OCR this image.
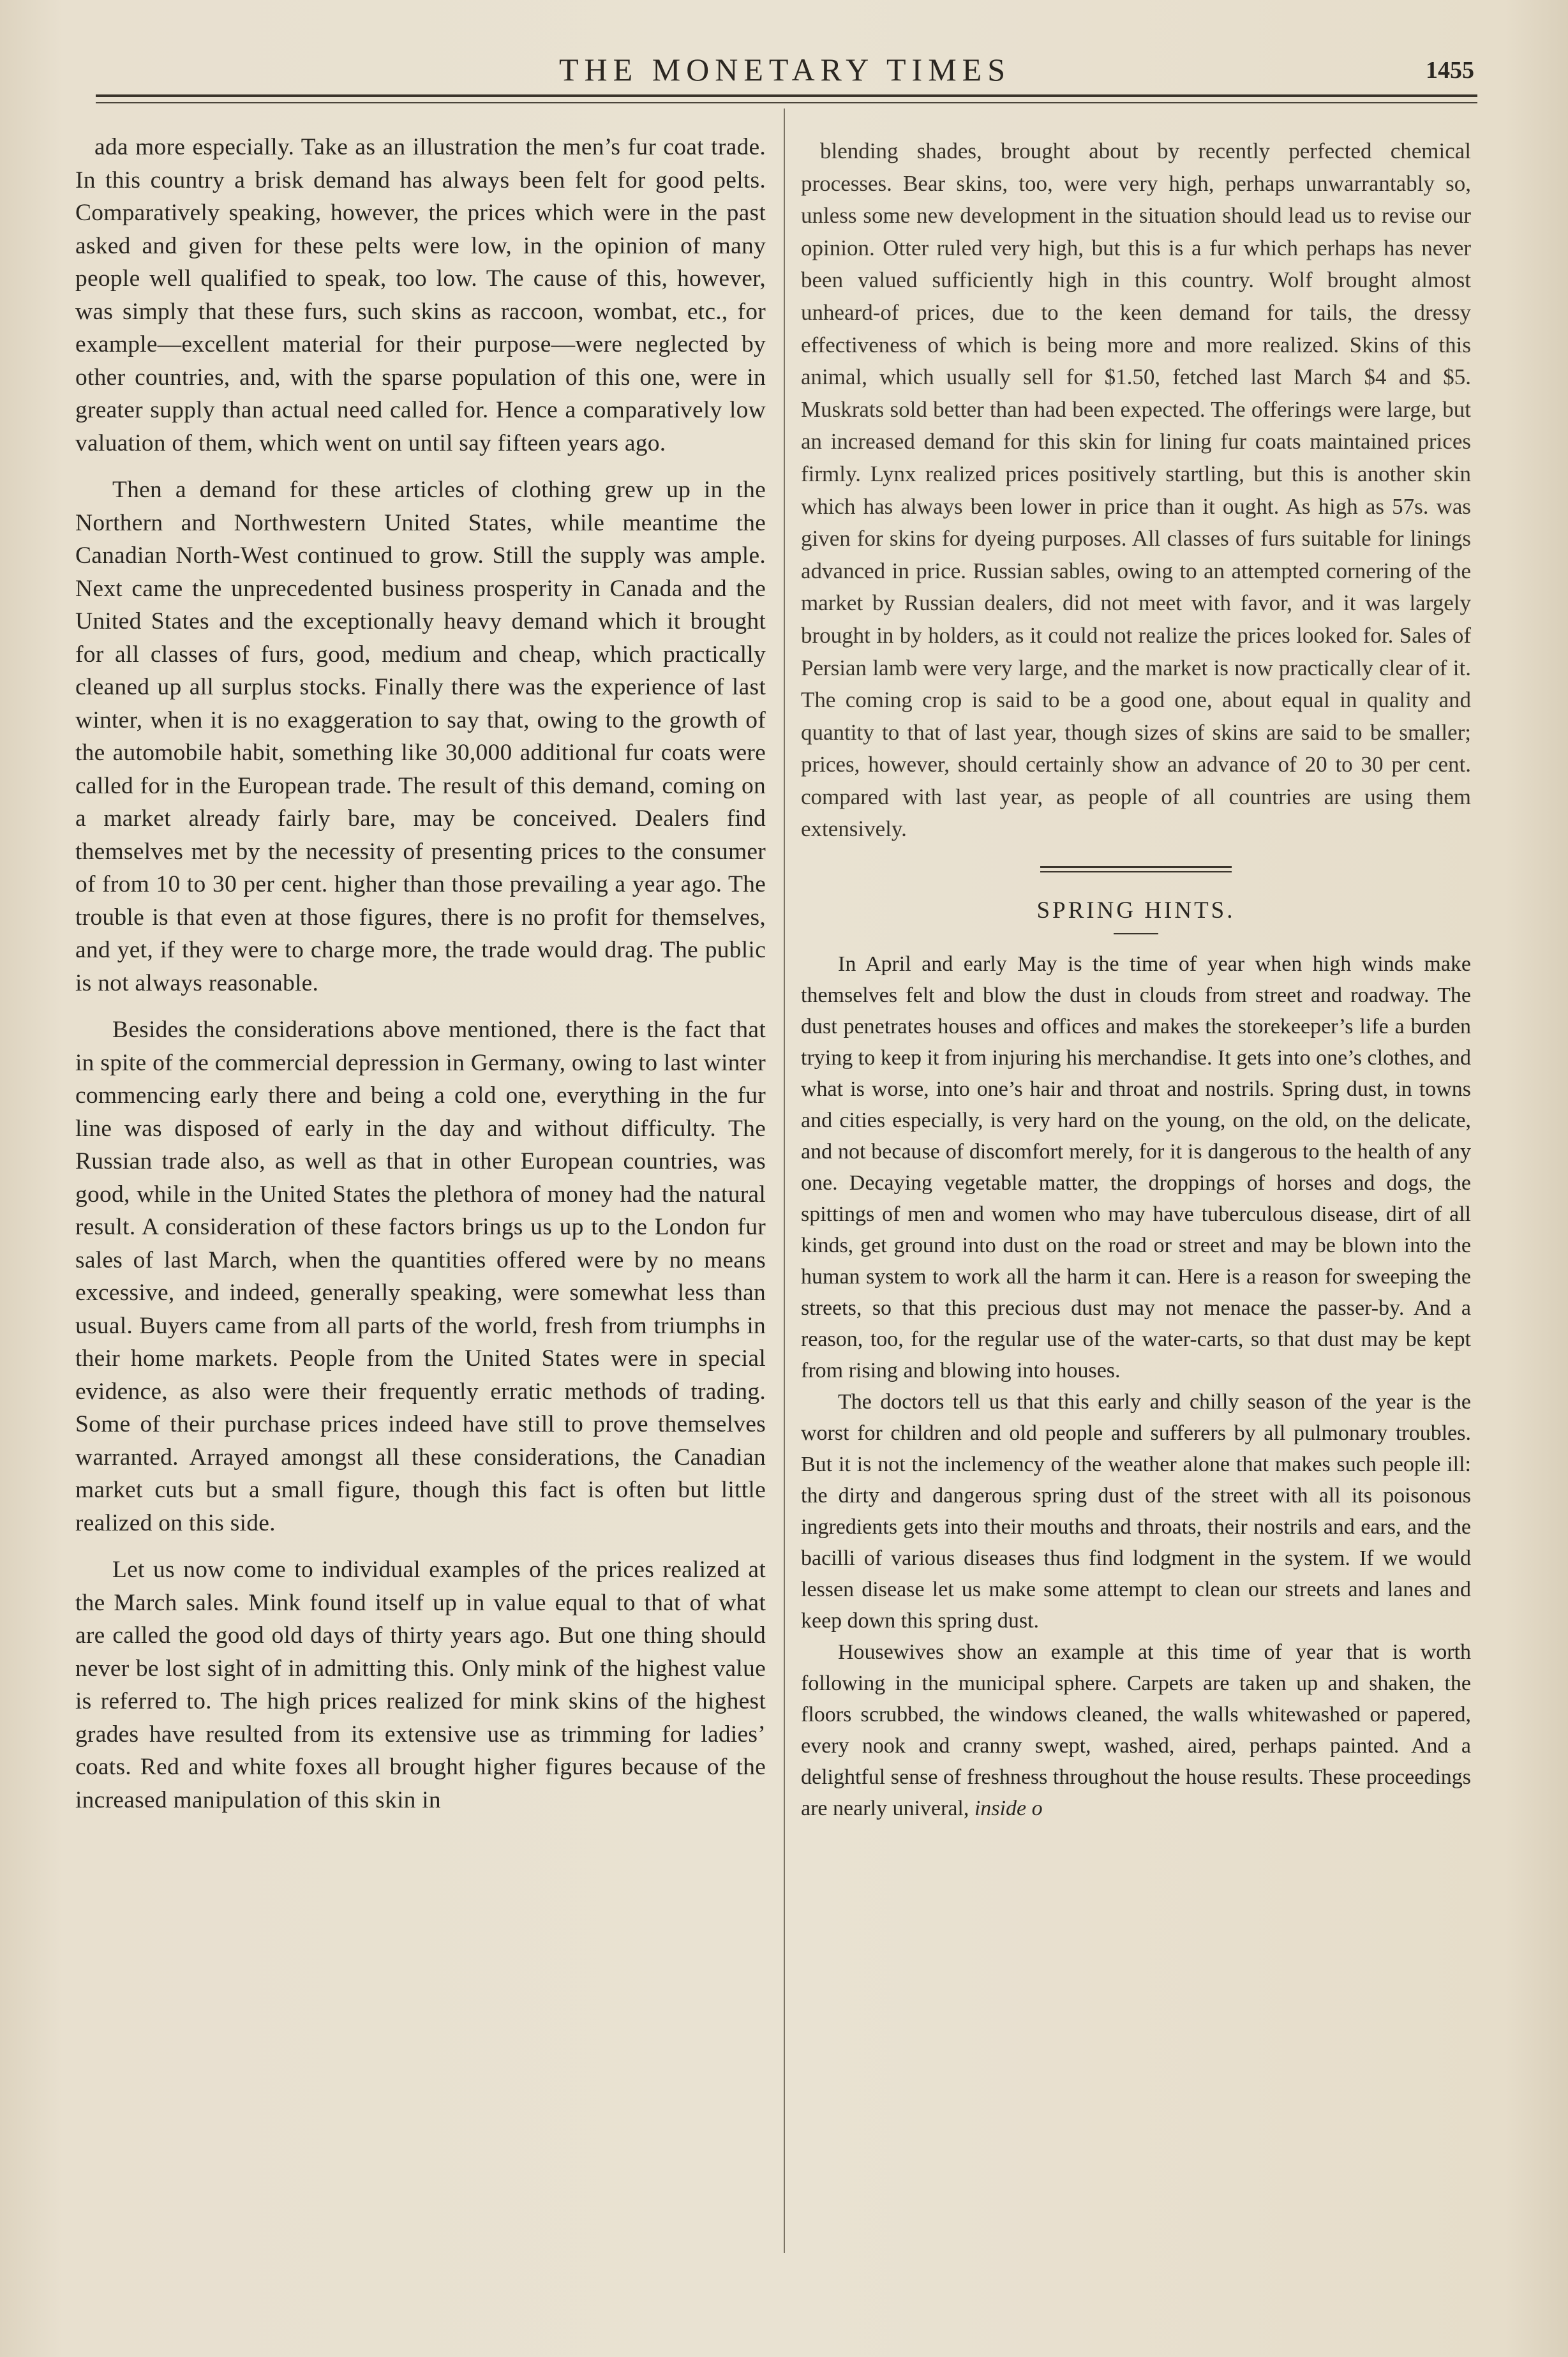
THE MONETARY TIMES	1455

ada more especially. Take as an illustration the men’s fur coat trade. In this country a brisk demand has always been felt for good pelts. Comparatively speaking, however, the prices which were in the past asked and given for these pelts were low, in the opinion of many people well qualified to speak, too low. The cause of this, however, was simply that these furs, such skins as raccoon, wombat, etc., for example—excellent material for their purpose—were neglected by other countries, and, with the sparse population of this one, were in greater supply than actual need called for. Hence a comparatively low valuation of them, which went on until say fifteen years ago.

Then a demand for these articles of clothing grew up in the Northern and Northwestern United States, while meantime the Canadian North-West continued to grow. Still the supply was ample. Next came the unprecedented business prosperity in Canada and the United States and the exceptionally heavy demand which it brought for all classes of furs, good, medium and cheap, which practically cleaned up all surplus stocks. Finally there was the experience of last winter, when it is no exaggeration to say that, owing to the growth of the automobile habit, something like 30,000 additional fur coats were called for in the European trade. The result of this demand, coming on a market already fairly bare, may be conceived. Dealers find themselves met by the necessity of presenting prices to the consumer of from 10 to 30 per cent. higher than those prevailing a year ago. The trouble is that even at those figures, there is no profit for themselves, and yet, if they were to charge more, the trade would drag. The public is not always reasonable.

Besides the considerations above mentioned, there is the fact that in spite of the commercial depression in Germany, owing to last winter commencing early there and being a cold one, everything in the fur line was disposed of early in the day and without difficulty. The Russian trade also, as well as that in other European countries, was good, while in the United States the plethora of money had the natural result. A consideration of these factors brings us up to the London fur sales of last March, when the quantities offered were by no means excessive, and indeed, generally speaking, were somewhat less than usual. Buyers came from all parts of the world, fresh from triumphs in their home markets. People from the United States were in special evidence, as also were their frequently erratic methods of trading. Some of their purchase prices indeed have still to prove themselves warranted. Arrayed amongst all these considerations, the Canadian market cuts but a small figure, though this fact is often but little realized on this side.

Let us now come to individual examples of the prices realized at the March sales. Mink found itself up in value equal to that of what are called the good old days of thirty years ago. But one thing should never be lost sight of in admitting this. Only mink of the highest value is referred to. The high prices realized for mink skins of the highest grades have resulted from its extensive use as trimming for ladies’ coats. Red and white foxes all brought higher figures because of the increased manipulation of this skin in

blending shades, brought about by recently perfected chemical processes. Bear skins, too, were very high, perhaps unwarrantably so, unless some new development in the situation should lead us to revise our opinion. Otter ruled very high, but this is a fur which perhaps has never been valued sufficiently high in this country. Wolf brought almost unheard-of prices, due to the keen demand for tails, the dressy effectiveness of which is being more and more realized. Skins of this animal, which usually sell for $1.50, fetched last March $4 and $5. Muskrats sold better than had been expected. The offerings were large, but an increased demand for this skin for lining fur coats maintained prices firmly. Lynx realized prices positively startling, but this is another skin which has always been lower in price than it ought. As high as 57s. was given for skins for dyeing purposes. All classes of furs suitable for linings advanced in price. Russian sables, owing to an attempted cornering of the market by Russian dealers, did not meet with favor, and it was largely brought in by holders, as it could not realize the prices looked for. Sales of Persian lamb were very large, and the market is now practically clear of it. The coming crop is said to be a good one, about equal in quality and quantity to that of last year, though sizes of skins are said to be smaller; prices, however, should certainly show an advance of 20 to 30 per cent. compared with last year, as people of all countries are using them extensively.

SPRING HINTS.

In April and early May is the time of year when high winds make themselves felt and blow the dust in clouds from street and roadway. The dust penetrates houses and offices and makes the storekeeper’s life a burden trying to keep it from injuring his merchandise. It gets into one’s clothes, and what is worse, into one’s hair and throat and nostrils. Spring dust, in towns and cities especially, is very hard on the young, on the old, on the delicate, and not because of discomfort merely, for it is dangerous to the health of any one. Decaying vegetable matter, the droppings of horses and dogs, the spittings of men and women who may have tuberculous disease, dirt of all kinds, get ground into dust on the road or street and may be blown into the human system to work all the harm it can. Here is a reason for sweeping the streets, so that this precious dust may not menace the passer-by. And a reason, too, for the regular use of the water-carts, so that dust may be kept from rising and blowing into houses.

The doctors tell us that this early and chilly season of the year is the worst for children and old people and sufferers by all pulmonary troubles. But it is not the inclemency of the weather alone that makes such people ill: the dirty and dangerous spring dust of the street with all its poisonous ingredients gets into their mouths and throats, their nostrils and ears, and the bacilli of various diseases thus find lodgment in the system. If we would lessen disease let us make some attempt to clean our streets and lanes and keep down this spring dust.

Housewives show an example at this time of year that is worth following in the municipal sphere. Carpets are taken up and shaken, the floors scrubbed, the windows cleaned, the walls whitewashed or papered, every nook and cranny swept, washed, aired, perhaps painted. And a delightful sense of freshness throughout the house results. These proceedings are nearly univeral, inside o
